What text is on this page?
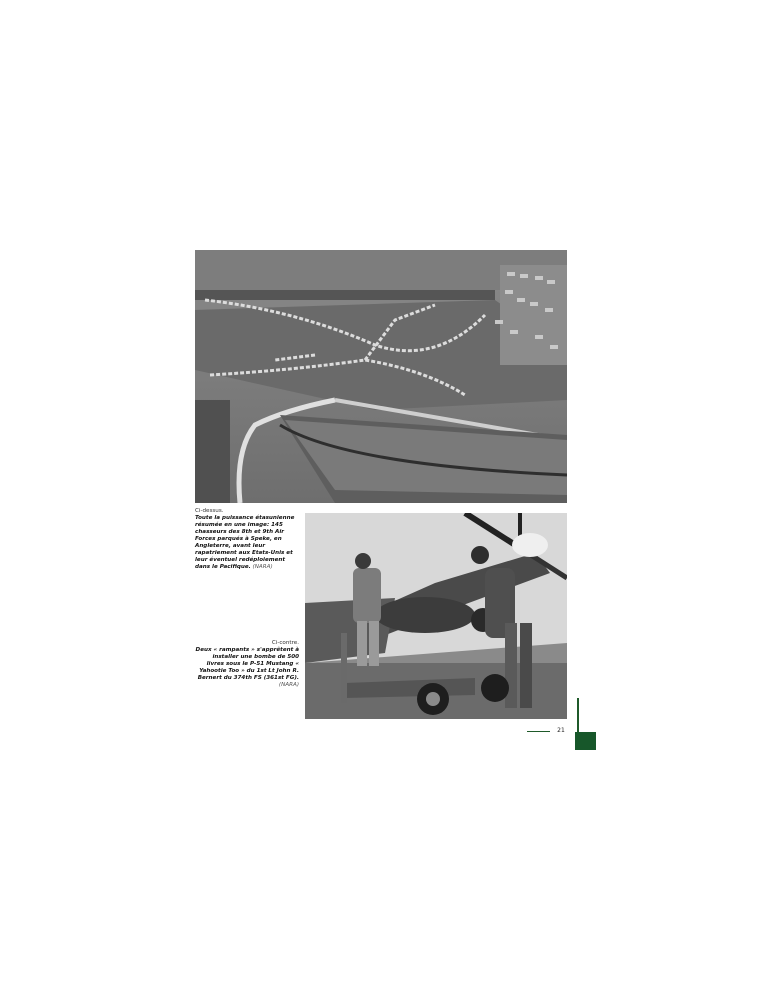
Ci-dessus.
Toute la puissance étasunienne résumée en une image: 145 chasseurs des 8th et 9th Air Forces parqués à Speke, en Angleterre, avant leur rapatriement aux Etats-Unis et leur éventuel redéploiement dans le Pacifique. (NARA)
Ci-contre.
Deux « rampants » s'apprêtent à installer une bombe de 500 livres sous le P-51 Mustang « Yahootie Too » du 1st Lt John R. Bernert du 374th FS (361st FG). (NARA)
21
